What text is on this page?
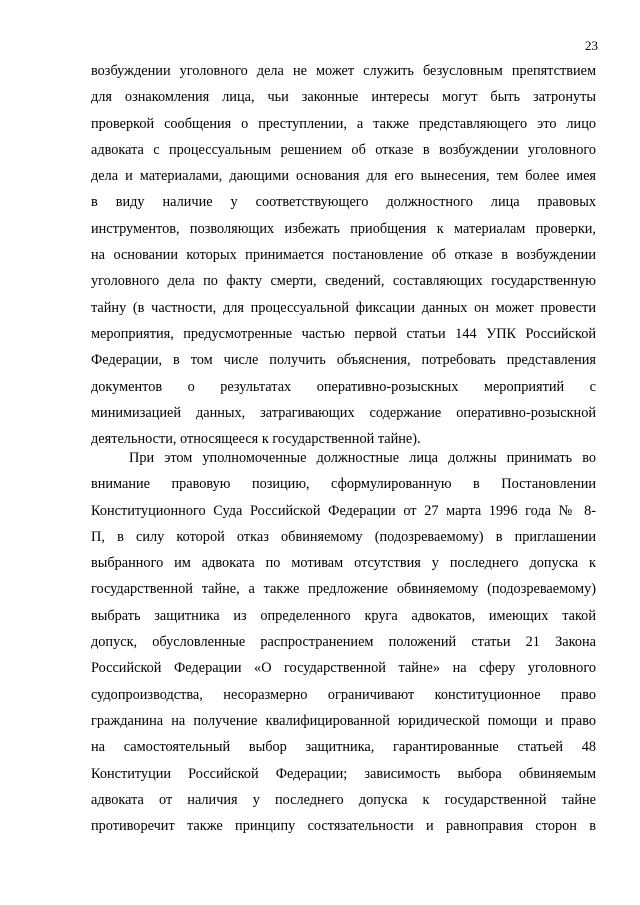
23
возбуждении уголовного дела не может служить безусловным препятствием
для ознакомления лица, чьи законные интересы могут быть затронуты
проверкой сообщения о преступлении, а также представляющего это лицо
адвоката с процессуальным решением об отказе в возбуждении уголовного
дела и материалами, дающими основания для его вынесения, тем более имея
в виду наличие у соответствующего должностного лица правовых
инструментов, позволяющих избежать приобщения к материалам проверки,
на основании которых принимается постановление об отказе в возбуждении
уголовного дела по факту смерти, сведений, составляющих государственную
тайну (в частности, для процессуальной фиксации данных он может провести
мероприятия, предусмотренные частью первой статьи 144 УПК Российской
Федерации, в том числе получить объяснения, потребовать представления
документов о результатах оперативно-розыскных мероприятий с
минимизацией данных, затрагивающих содержание оперативно-розыскной
деятельности, относящееся к государственной тайне).
При этом уполномоченные должностные лица должны принимать во
внимание правовую позицию, сформулированную в Постановлении
Конституционного Суда Российской Федерации от 27 марта 1996 года № 8-
П, в силу которой отказ обвиняемому (подозреваемому) в приглашении
выбранного им адвоката по мотивам отсутствия у последнего допуска к
государственной тайне, а также предложение обвиняемому (подозреваемому)
выбрать защитника из определенного круга адвокатов, имеющих такой
допуск, обусловленные распространением положений статьи 21 Закона
Российской Федерации «О государственной тайне» на сферу уголовного
судопроизводства, несоразмерно ограничивают конституционное право
гражданина на получение квалифицированной юридической помощи и право
на самостоятельный выбор защитника, гарантированные статьей 48
Конституции Российской Федерации; зависимость выбора обвиняемым
адвоката от наличия у последнего допуска к государственной тайне
противоречит также принципу состязательности и равноправия сторон в
